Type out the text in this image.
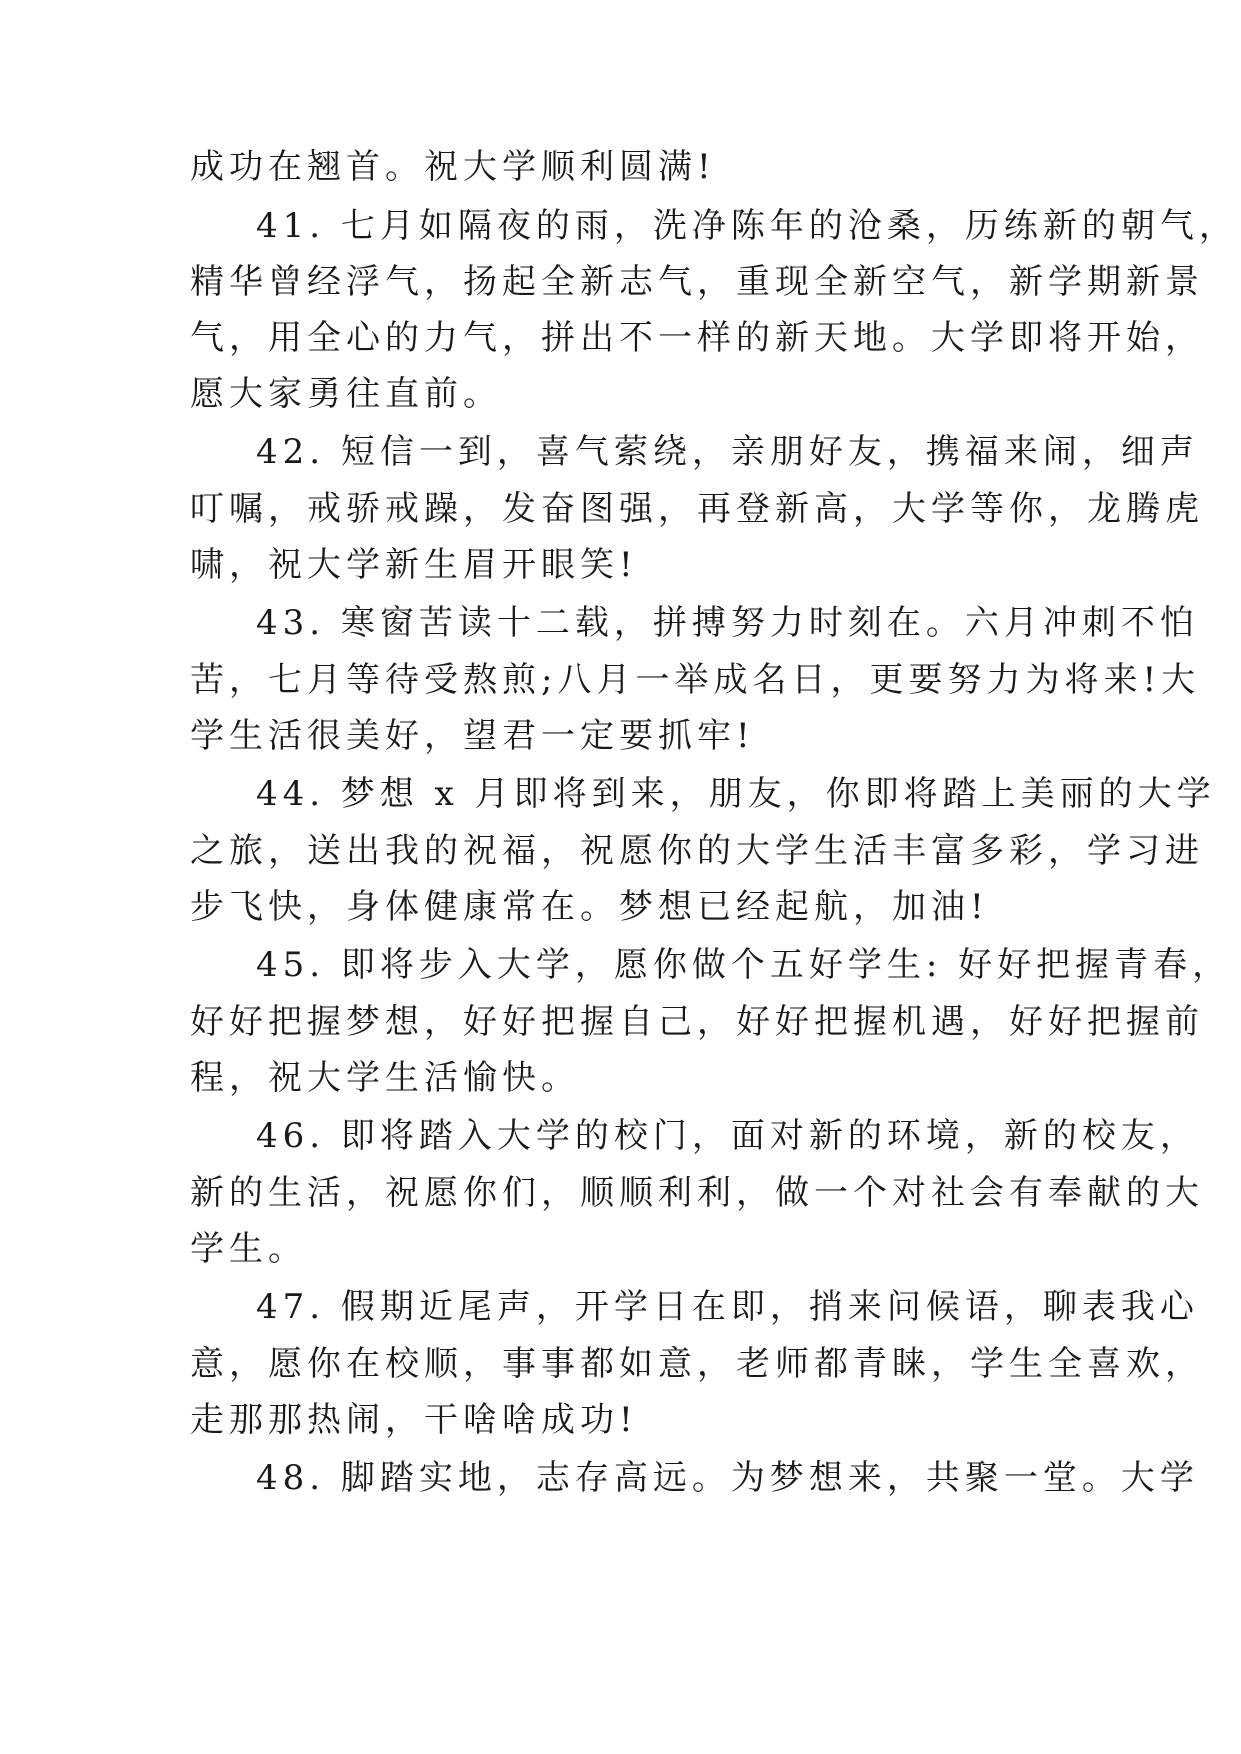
成功在翘首。祝大学顺利圆满!
41. 七月如隔夜的雨，洗净陈年的沧桑，历练新的朝气，
精华曾经浮气，扬起全新志气，重现全新空气，新学期新景
气，用全心的力气，拼出不一样的新天地。大学即将开始，
愿大家勇往直前。
42. 短信一到，喜气萦绕，亲朋好友，携福来闹，细声
叮嘱，戒骄戒躁，发奋图强，再登新高，大学等你，龙腾虎
啸，祝大学新生眉开眼笑!
43. 寒窗苦读十二载，拼搏努力时刻在。六月冲刺不怕
苦，七月等待受熬煎;八月一举成名日，更要努力为将来!大
学生活很美好，望君一定要抓牢!
44. 梦想 x 月即将到来，朋友，你即将踏上美丽的大学
之旅，送出我的祝福，祝愿你的大学生活丰富多彩，学习进
步飞快，身体健康常在。梦想已经起航，加油!
45. 即将步入大学，愿你做个五好学生: 好好把握青春，
好好把握梦想，好好把握自己，好好把握机遇，好好把握前
程，祝大学生活愉快。
46. 即将踏入大学的校门，面对新的环境，新的校友，
新的生活，祝愿你们，顺顺利利，做一个对社会有奉献的大
学生。
47. 假期近尾声，开学日在即，捎来问候语，聊表我心
意，愿你在校顺，事事都如意，老师都青睐，学生全喜欢，
走那那热闹，干啥啥成功!
48. 脚踏实地，志存高远。为梦想来，共聚一堂。大学
